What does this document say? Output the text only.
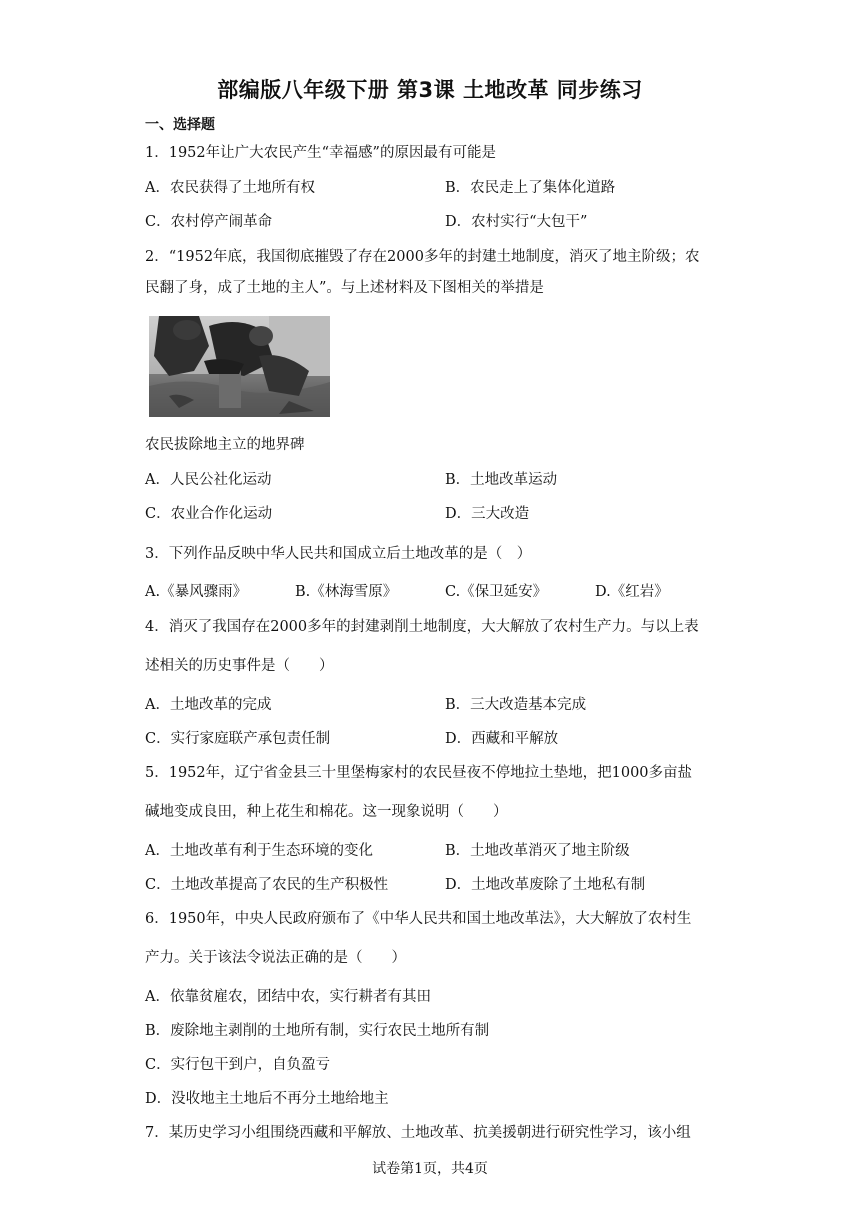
部编版八年级下册 第3课 土地改革 同步练习
一、选择题
1．1952年让广大农民产生“幸福感”的原因最有可能是
A．农民获得了土地所有权	B．农民走上了集体化道路
C．农村停产闹革命	D．农村实行“大包干”
2．“1952年底，我国彻底摧毁了存在2000多年的封建土地制度，消灭了地主阶级；农
民翻了身，成了土地的主人”。与上述材料及下图相关的举措是
农民拔除地主立的地界碑
A．人民公社化运动	B．土地改革运动
C．农业合作化运动	D．三大改造
3．下列作品反映中华人民共和国成立后土地改革的是（　）
A.《暴风骤雨》	B.《林海雪原》	C.《保卫延安》	D.《红岩》
4．消灭了我国存在2000多年的封建剥削土地制度，大大解放了农村生产力。与以上表
述相关的历史事件是（　　）
A．土地改革的完成	B．三大改造基本完成
C．实行家庭联产承包责任制	D．西藏和平解放
5．1952年，辽宁省金县三十里堡梅家村的农民昼夜不停地拉土垫地，把1000多亩盐
碱地变成良田，种上花生和棉花。这一现象说明（　　）
A．土地改革有利于生态环境的变化	B．土地改革消灭了地主阶级
C．土地改革提高了农民的生产积极性	D．土地改革废除了土地私有制
6．1950年，中央人民政府颁布了《中华人民共和国土地改革法》，大大解放了农村生
产力。关于该法令说法正确的是（　　）
A．依靠贫雇农，团结中农，实行耕者有其田
B．废除地主剥削的土地所有制，实行农民土地所有制
C．实行包干到户，自负盈亏
D．没收地主土地后不再分土地给地主
7．某历史学习小组围绕西藏和平解放、土地改革、抗美援朝进行研究性学习，该小组
试卷第1页，共4页
